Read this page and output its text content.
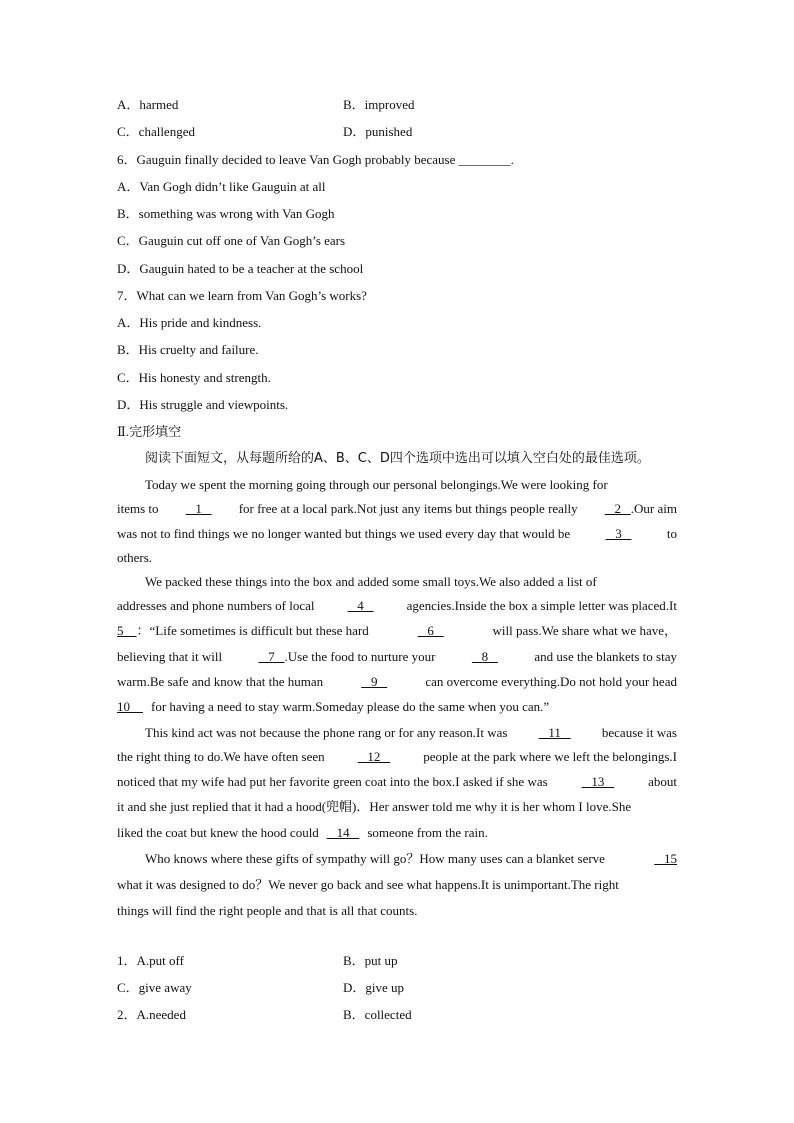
A．harmed	B．improved
C．challenged	D．punished
6．Gauguin finally decided to leave Van Gogh probably because ________.
A．Van Gogh didn’t like Gauguin at all
B．something was wrong with Van Gogh
C．Gauguin cut off one of Van Gogh’s ears
D．Gauguin hated to be a teacher at the school
7．What can we learn from Van Gogh’s works?
A．His pride and kindness.
B．His cruelty and failure.
C．His honesty and strength.
D．His struggle and viewpoints.
Ⅱ.完形填空
阅读下面短文，从每题所给的A、B、C、D四个选项中选出可以填入空白处的最佳选项。
Today we spent the morning going through our personal belongings.We were looking for
items to 1 for free at a local park.Not just any items but things people really 2   .Our aim
was not to find things we no longer wanted but things we used every day that would be	3	to
others.
We packed these things into the box and added some small toys.We also added a list of
addresses and phone numbers of local	4	agencies.Inside the box a simple letter was placed.It
5    ：“Life sometimes is difficult but these hard	6	will pass.We share what we have，
believing that it will	7   .Use the food to nurture your	8	and use the blankets to stay
warm.Be safe and know that the human	9	can overcome everything.Do not hold your head
10 for having a need to stay warm.Someday please do the same when you can.”
This kind act was not because the phone rang or for any reason.It was 11 because it was
the right thing to do.We have often seen	12	people at the park where we left the belongings.I
noticed that my wife had put her favorite green coat into the box.I asked if she was	13	about
it and she just replied that it had a hood(兜帽)．Her answer told me why it is her whom I love.She
liked the coat but knew the hood could 14 someone from the rain.
Who knows where these gifts of sympathy will go？How many uses can a blanket serve	15
what it was designed to do？We never go back and see what happens.It is unimportant.The right
things will find the right people and that is all that counts.
1．A.put off	B．put up
C．give away	D．give up
2．A.needed	B．collected
